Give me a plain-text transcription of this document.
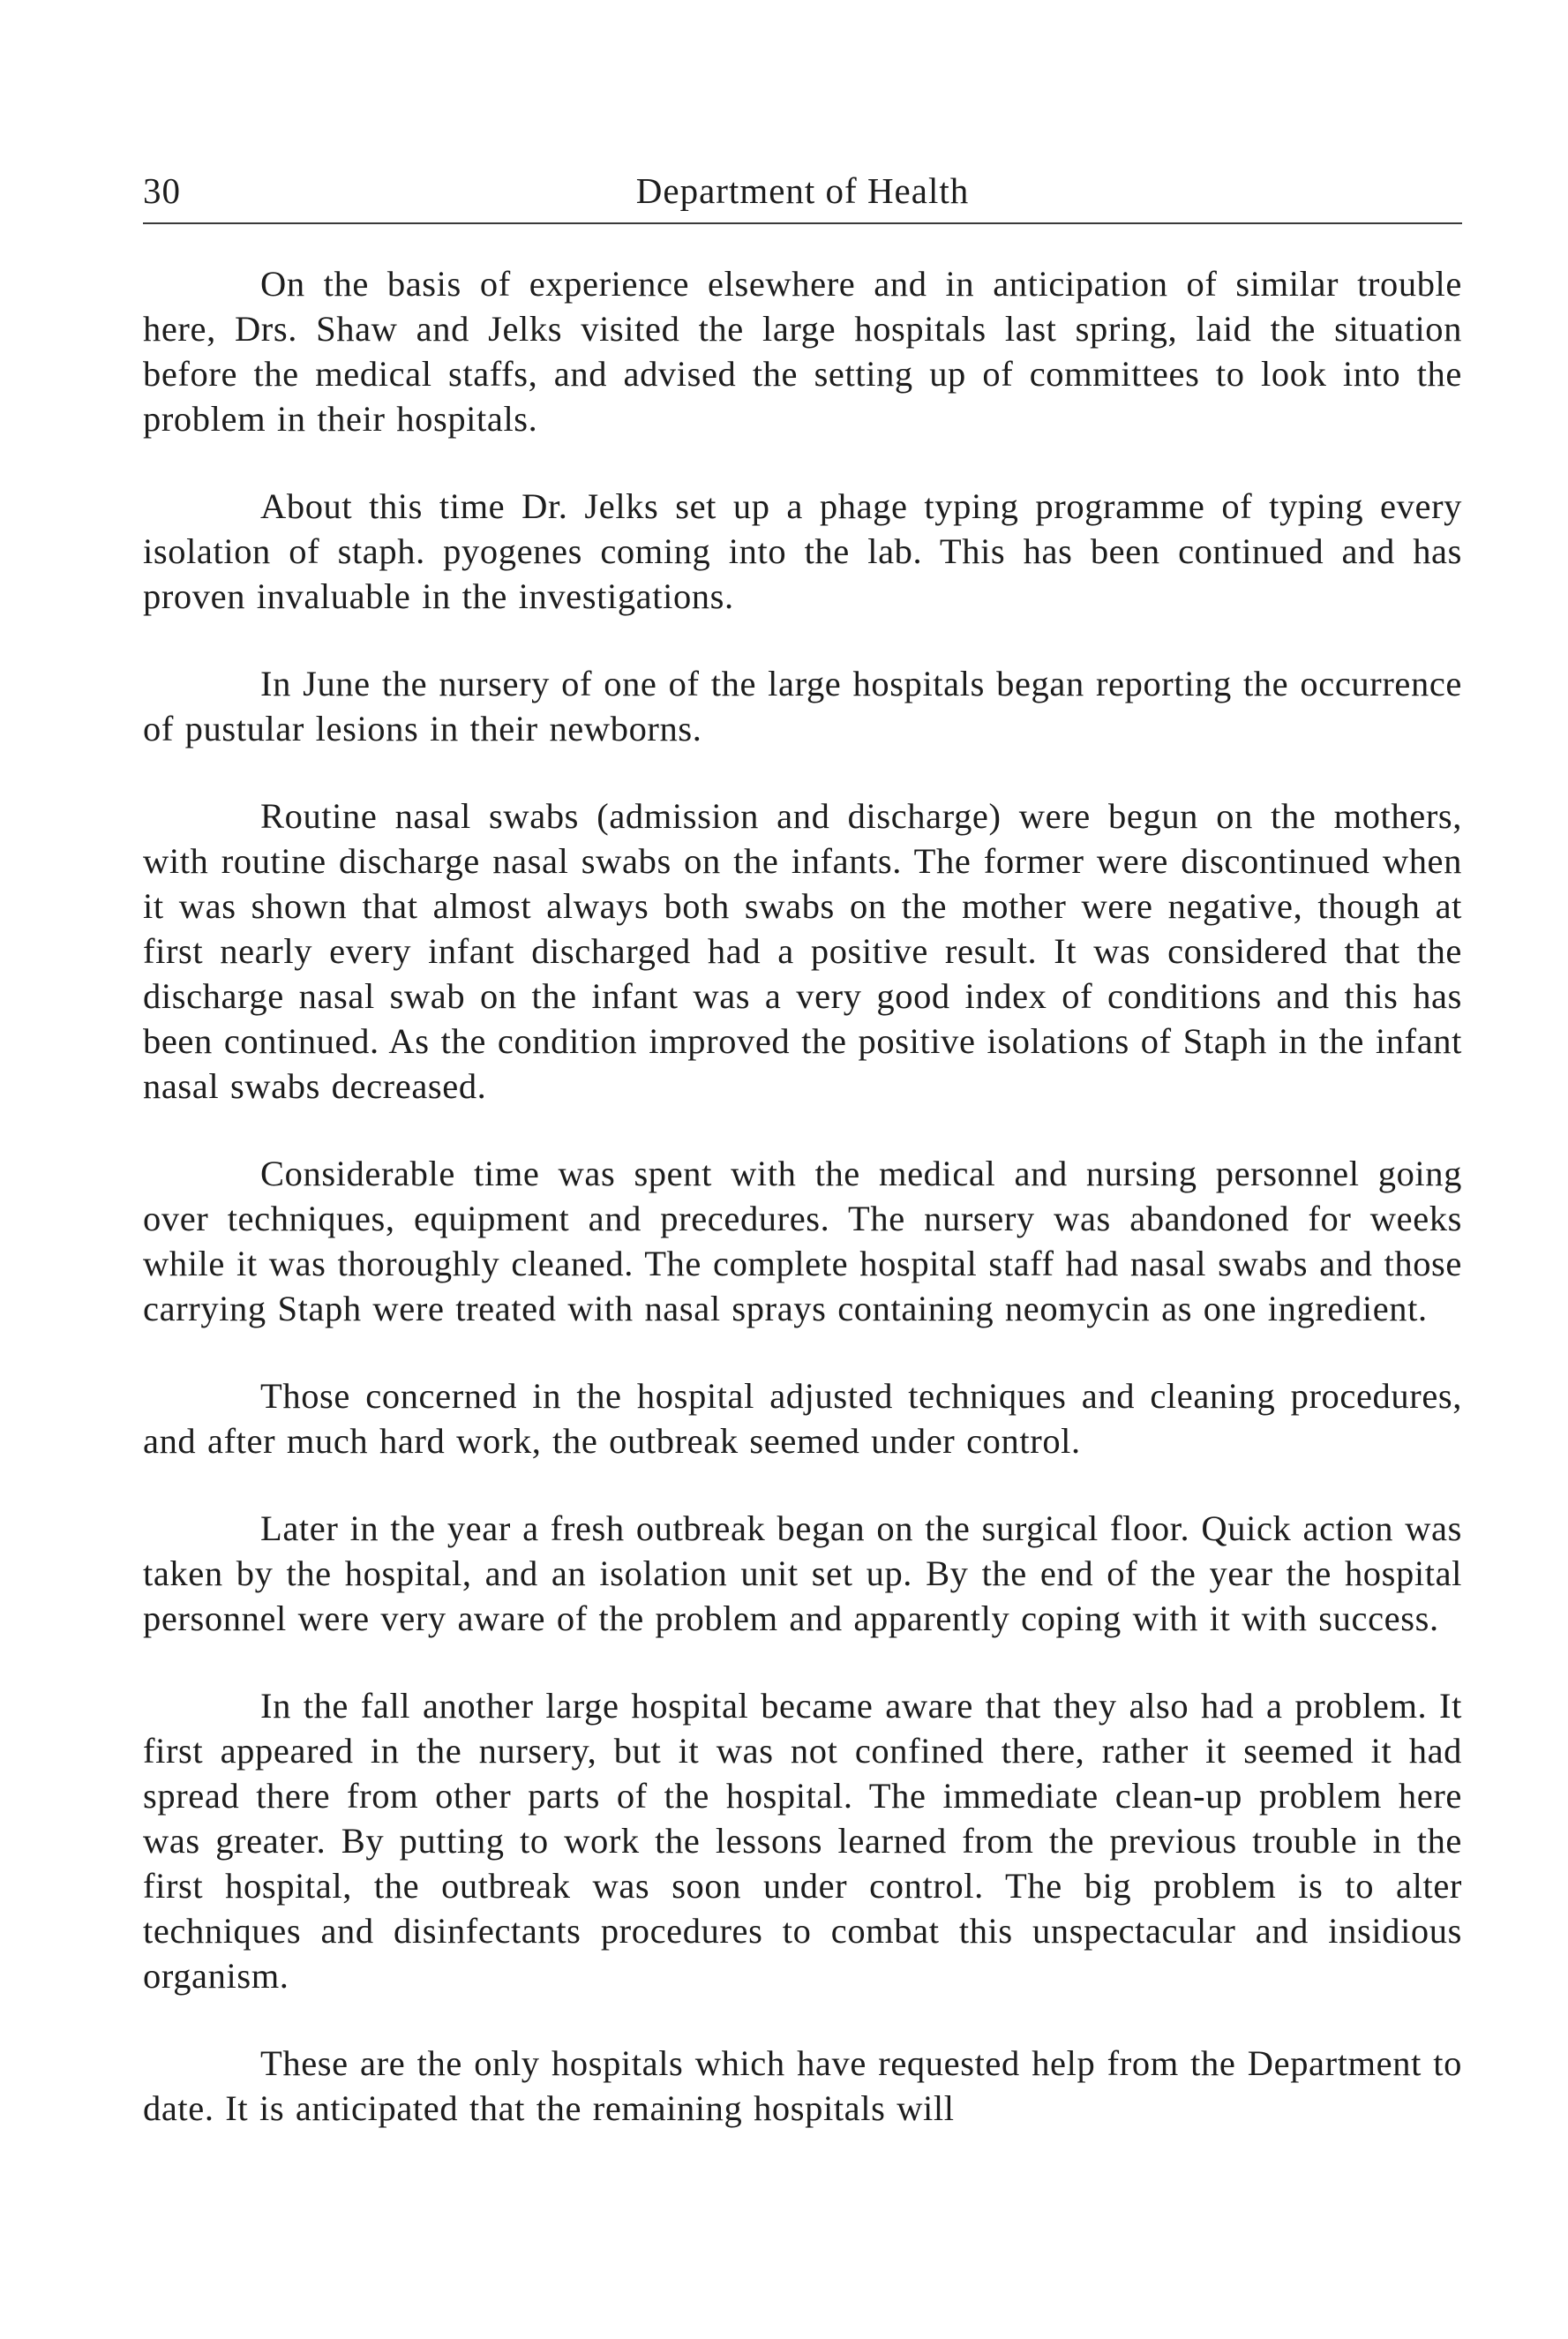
30	Department of Health

On the basis of experience elsewhere and in anticipation of similar trouble here, Drs. Shaw and Jelks visited the large hospitals last spring, laid the situation before the medical staffs, and advised the setting up of committees to look into the problem in their hospitals.

About this time Dr. Jelks set up a phage typing programme of typing every isolation of staph. pyogenes coming into the lab. This has been continued and has proven invaluable in the investigations.

In June the nursery of one of the large hospitals began reporting the occurrence of pustular lesions in their newborns.

Routine nasal swabs (admission and discharge) were begun on the mothers, with routine discharge nasal swabs on the infants. The former were discontinued when it was shown that almost always both swabs on the mother were negative, though at first nearly every infant discharged had a positive result. It was considered that the discharge nasal swab on the infant was a very good index of conditions and this has been continued. As the condition improved the positive isolations of Staph in the infant nasal swabs decreased.

Considerable time was spent with the medical and nursing personnel going over techniques, equipment and precedures. The nursery was abandoned for weeks while it was thoroughly cleaned. The complete hospital staff had nasal swabs and those carrying Staph were treated with nasal sprays containing neomycin as one ingredient.

Those concerned in the hospital adjusted techniques and cleaning procedures, and after much hard work, the outbreak seemed under control.

Later in the year a fresh outbreak began on the surgical floor. Quick action was taken by the hospital, and an isolation unit set up. By the end of the year the hospital personnel were very aware of the problem and apparently coping with it with success.

In the fall another large hospital became aware that they also had a problem. It first appeared in the nursery, but it was not confined there, rather it seemed it had spread there from other parts of the hospital. The immediate clean-up problem here was greater. By putting to work the lessons learned from the previous trouble in the first hospital, the outbreak was soon under control. The big problem is to alter techniques and disinfectants procedures to combat this unspectacular and insidious organism.

These are the only hospitals which have requested help from the Department to date. It is anticipated that the remaining hospitals will
